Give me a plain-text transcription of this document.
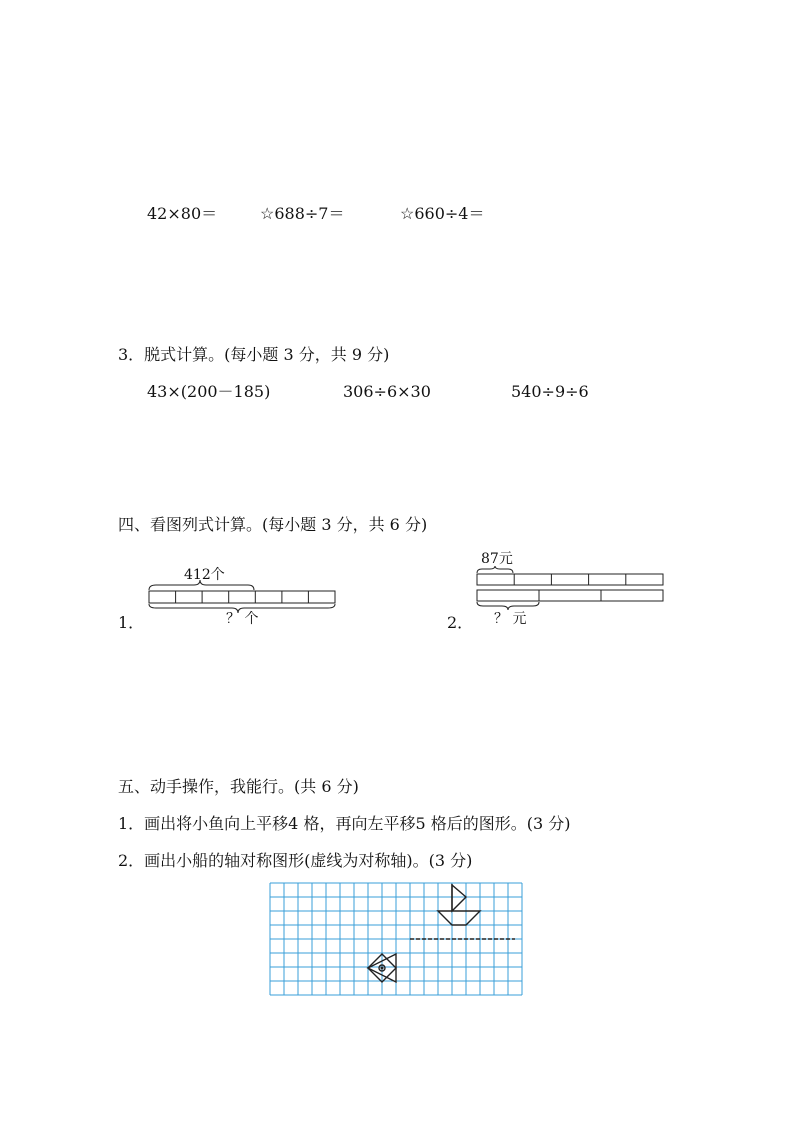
42×80＝	☆688÷7＝	☆660÷4＝
3．脱式计算。(每小题 3 分，共 9 分)
43×(200－185)	306÷6×30	540÷9÷6
四、看图列式计算。(每小题 3 分，共 6 分)
1．
412个
？ 个	2．
87元
？ 元
五、动手操作，我能行。(共 6 分)
1．画出将小鱼向上平移4 格，再向左平移5 格后的图形。(3 分)
2．画出小船的轴对称图形(虚线为对称轴)。(3 分)
